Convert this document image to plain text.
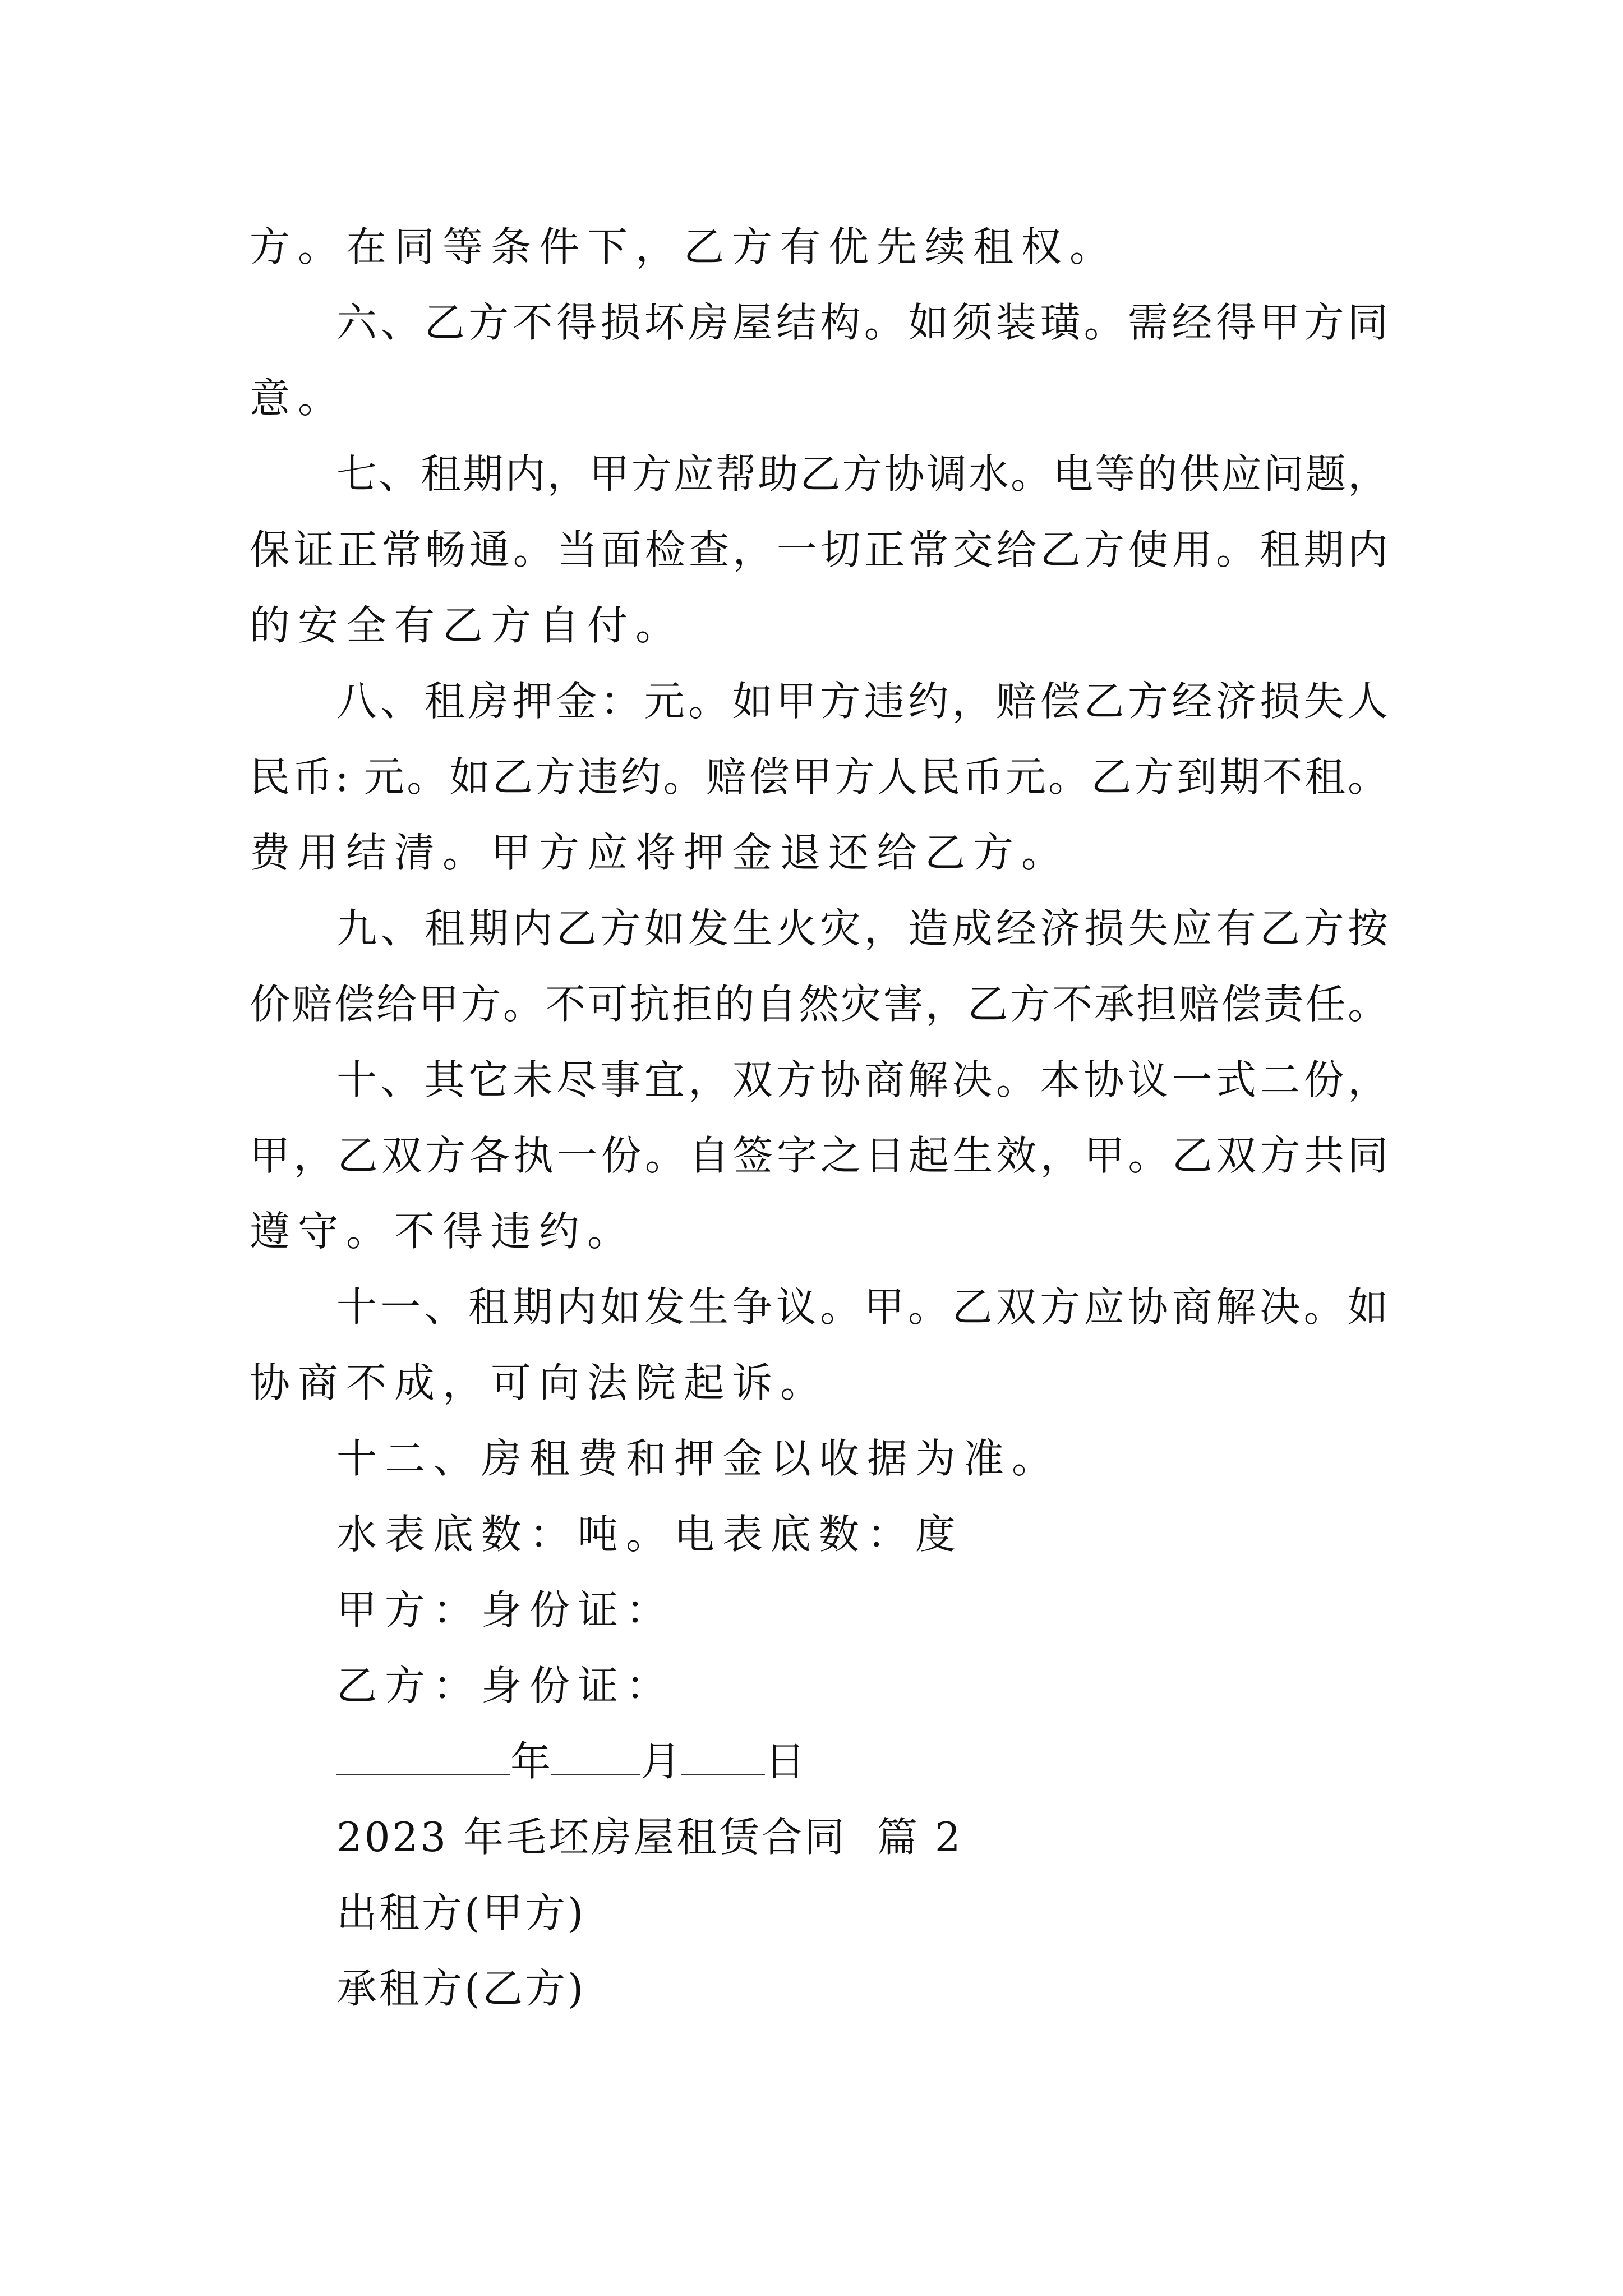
方。在同等条件下，乙方有优先续租权。
六、乙方不得损坏房屋结构。如须装璜。需经得甲方同
意。
七、租期内，甲方应帮助乙方协调水。电等的供应问题，
保证正常畅通。当面检查，一切正常交给乙方使用。租期内
的安全有乙方自付。
八、租房押金：元。如甲方违约，赔偿乙方经济损失人
民币: 元。如乙方违约。赔偿甲方人民币元。乙方到期不租。
费用结清。甲方应将押金退还给乙方。
九、租期内乙方如发生火灾，造成经济损失应有乙方按
价赔偿给甲方。不可抗拒的自然灾害，乙方不承担赔偿责任。
十、其它未尽事宜，双方协商解决。本协议一式二份，
甲，乙双方各执一份。自签字之日起生效，甲。乙双方共同
遵守。不得违约。
十一、租期内如发生争议。甲。乙双方应协商解决。如
协商不成，可向法院起诉。
十二、房租费和押金以收据为准。
水表底数：吨。电表底数：度
甲方：身份证：
乙方：身份证：
年 月 日
2023 年毛坯房屋租赁合同  篇 2
出租方(甲方)
承租方(乙方)
